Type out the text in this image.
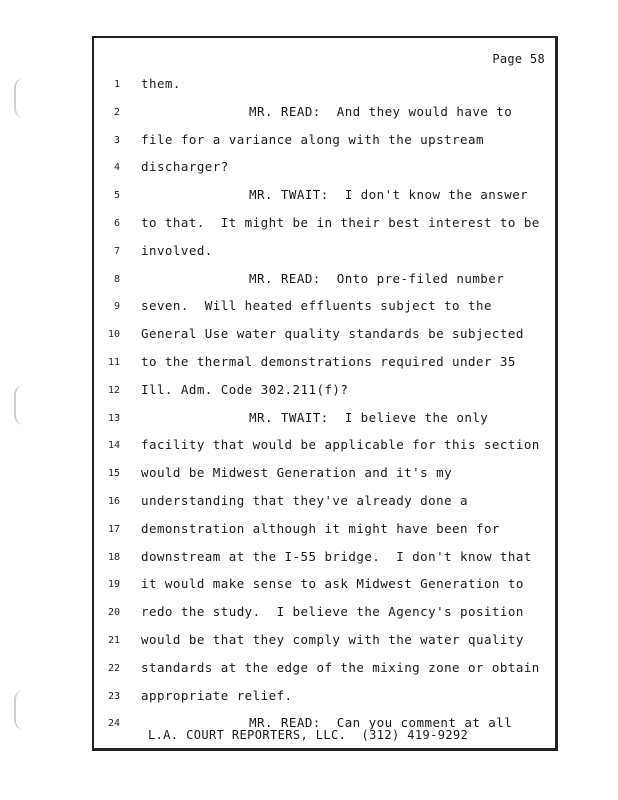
Page 58
1 them.
2	MR. READ:  And they would have to
3 file for a variance along with the upstream
4 discharger?
5	MR. TWAIT:  I don't know the answer
6 to that.  It might be in their best interest to be
7 involved.
8	MR. READ:  Onto pre-filed number
9 seven.  Will heated effluents subject to the
10 General Use water quality standards be subjected
11 to the thermal demonstrations required under 35
12 Ill. Adm. Code 302.211(f)?
13	MR. TWAIT:  I believe the only
14 facility that would be applicable for this section
15 would be Midwest Generation and it's my
16 understanding that they've already done a
17 demonstration although it might have been for
18 downstream at the I-55 bridge.  I don't know that
19 it would make sense to ask Midwest Generation to
20 redo the study.  I believe the Agency's position
21 would be that they comply with the water quality
22 standards at the edge of the mixing zone or obtain
23 appropriate relief.
24	MR. READ:  Can you comment at all
L.A. COURT REPORTERS, LLC.  (312) 419-9292
